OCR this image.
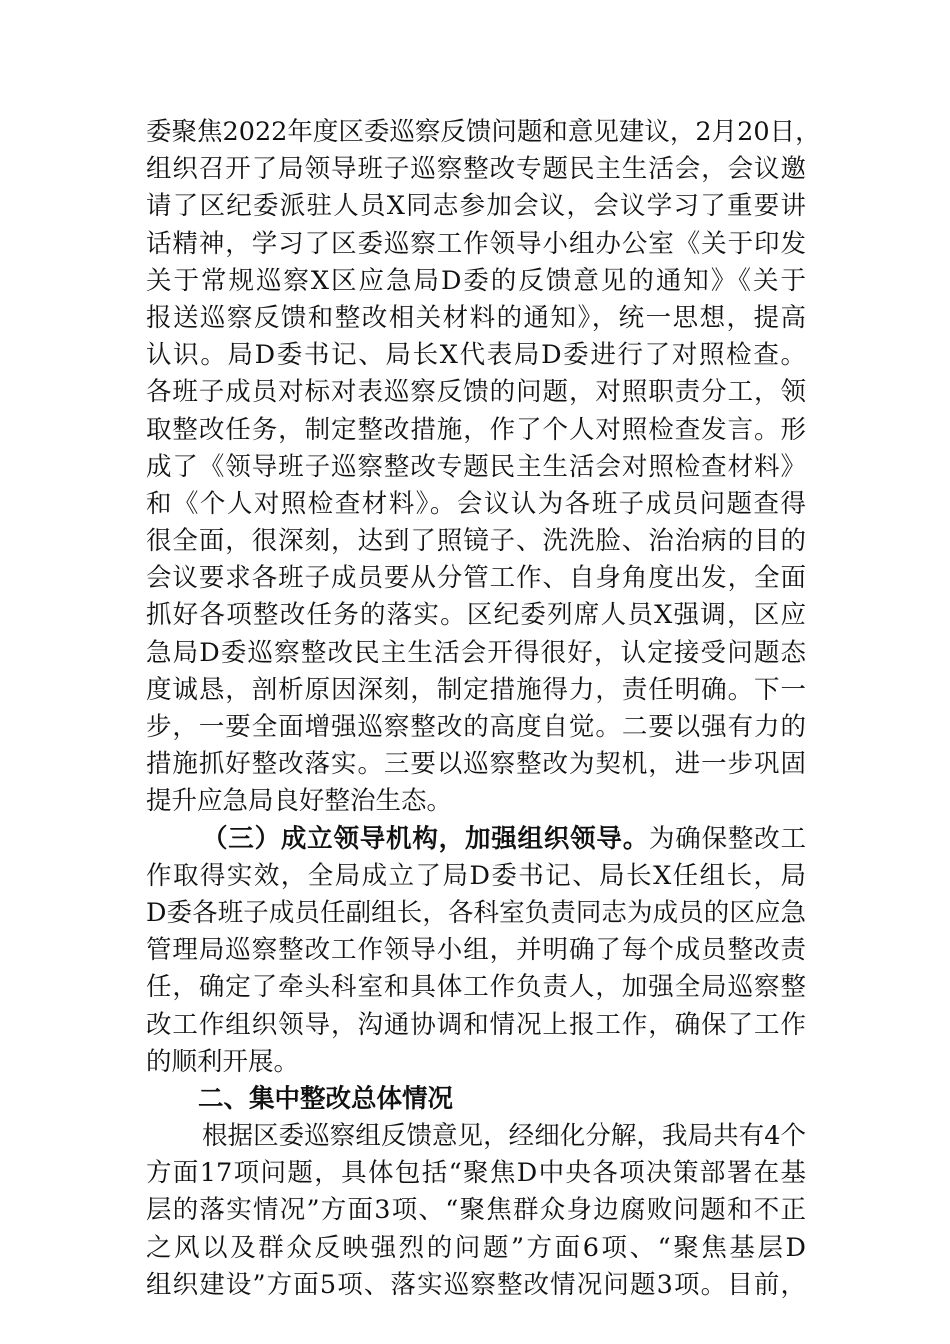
委聚焦2022年度区委巡察反馈问题和意见建议，2月20日，
组织召开了局领导班子巡察整改专题民主生活会，会议邀
请了区纪委派驻人员X同志参加会议，会议学习了重要讲
话精神，学习了区委巡察工作领导小组办公室《关于印发
关于常规巡察X区应急局D委的反馈意见的通知》《关于
报送巡察反馈和整改相关材料的通知》，统一思想，提高
认识。局D委书记、局长X代表局D委进行了对照检查。
各班子成员对标对表巡察反馈的问题，对照职责分工，领
取整改任务，制定整改措施，作了个人对照检查发言。形
成了《领导班子巡察整改专题民主生活会对照检查材料》
和《个人对照检查材料》。会议认为各班子成员问题查得
很全面，很深刻，达到了照镜子、洗洗脸、治治病的目的
会议要求各班子成员要从分管工作、自身角度出发，全面
抓好各项整改任务的落实。区纪委列席人员X强调，区应
急局D委巡察整改民主生活会开得很好，认定接受问题态
度诚恳，剖析原因深刻，制定措施得力，责任明确。下一
步，一要全面增强巡察整改的高度自觉。二要以强有力的
措施抓好整改落实。三要以巡察整改为契机，进一步巩固
提升应急局良好整治生态。
（三）成立领导机构，加强组织领导。为确保整改工
作取得实效，全局成立了局D委书记、局长X任组长，局
D委各班子成员任副组长，各科室负责同志为成员的区应急
管理局巡察整改工作领导小组，并明确了每个成员整改责
任，确定了牵头科室和具体工作负责人，加强全局巡察整
改工作组织领导，沟通协调和情况上报工作，确保了工作
的顺利开展。
二、集中整改总体情况
根据区委巡察组反馈意见，经细化分解，我局共有4个
方面17项问题，具体包括“聚焦D中央各项决策部署在基
层的落实情况”方面3项、“聚焦群众身边腐败问题和不正
之风以及群众反映强烈的问题”方面6项、“聚焦基层D
组织建设”方面5项、落实巡察整改情况问题3项。目前，
